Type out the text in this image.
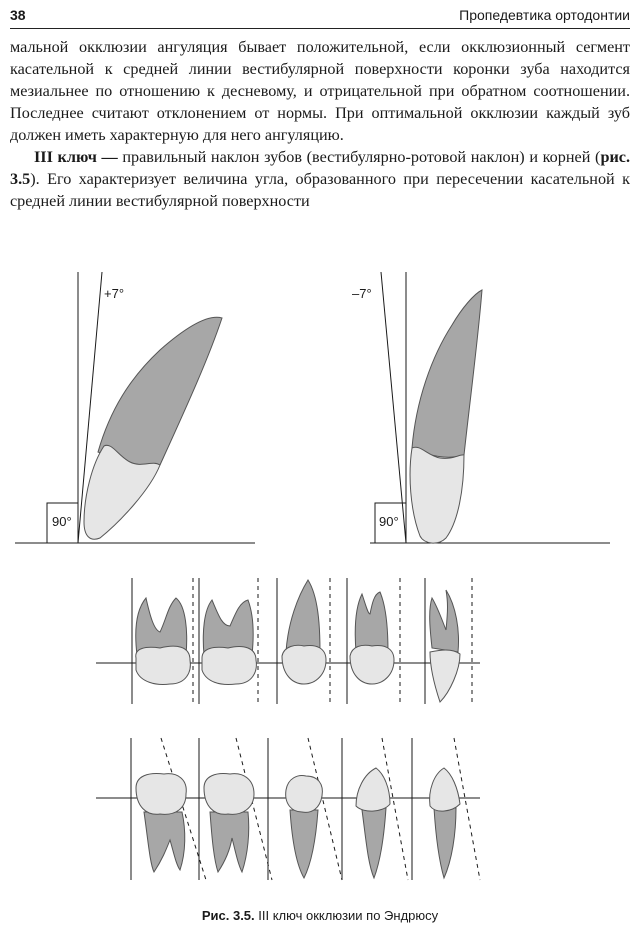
38	Пропедевтика ортодонтии

мальной окклюзии ангуляция бывает положительной, если окклюзионный сегмент касательной к средней линии вестибулярной поверхности коронки зуба находится мезиальнее по отношению к десневому, и отрицательной при обратном соотношении. Последнее считают отклонением от нормы. При оптимальной окклюзии каждый зуб должен иметь характерную для него ангуляцию.

III ключ — правильный наклон зубов (вестибулярно-ротовой наклон) и корней (рис. 3.5). Его характеризует величина угла, образованного при пересечении касательной к средней линии вестибулярной поверхности

+7°
90°
–7°
90°
Рис. 3.5. III ключ окклюзии по Эндрюсу
